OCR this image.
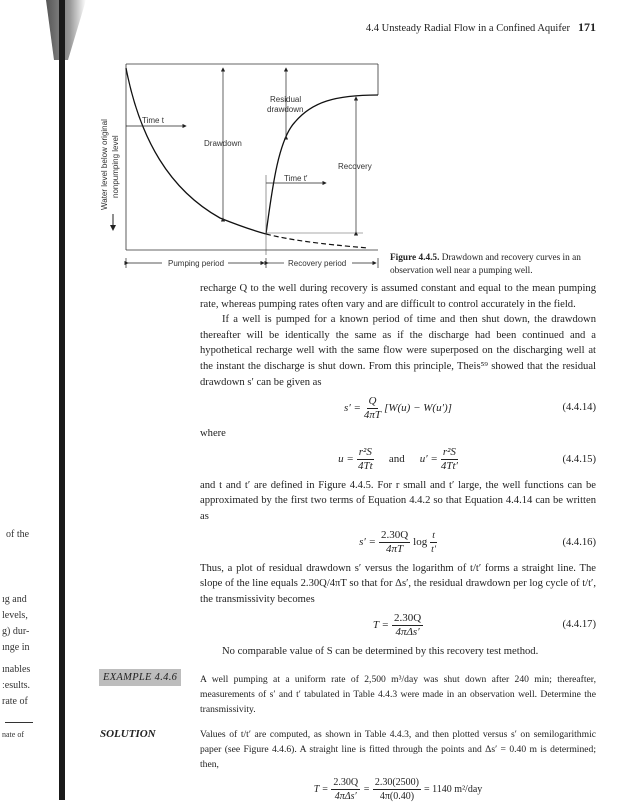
of the
ıg and
levels,
g) dur-
ınge in
ınables
ːesults.
rate of
nate of
4.4 Unsteady Radial Flow in a Confined Aquifer 171
Time t
Time t′
Drawdown
Residual
drawdown
Recovery
Water level below original nonpumping level
Pumping period	Recovery period
Figure 4.4.5. Drawdown and recovery curves in an
observation well near a pumping well.

recharge Q to the well during recovery is assumed constant and equal to the mean pumping rate, whereas pumping rates often vary and are difficult to control accurately in the field.

If a well is pumped for a known period of time and then shut down, the drawdown thereafter will be identically the same as if the discharge had been continued and a hypothetical recharge well with the same flow were superposed on the discharging well at the instant the discharge is shut down. From this principle, Theis⁵⁹ showed that the residual drawdown s′ can be given as

$s' = \frac{Q}{4\pi T} [W(u) - W(u')]$	(4.4.14)

where

$u = \frac{\text{r²S}}{4Tt}$ and $u' = \frac{\text{r²S}}{4Tt'}$	(4.4.15)

and t and t′ are defined in Figure 4.4.5. For r small and t′ large, the well functions can be approximated by the first two terms of Equation 4.4.2 so that Equation 4.4.14 can be written as

$s' = \frac{2.30Q}{4\pi T}$ $\log \frac{t}{t'}$	(4.4.16)

Thus, a plot of residual drawdown s′ versus the logarithm of t/t′ forms a straight line. The slope of the line equals 2.30Q/4πT so that for Δs′, the residual drawdown per log cycle of t/t′, the transmissivity becomes

$T = \frac{2.30Q}{\text{4πΔs′}}$	(4.4.17)

No comparable value of S can be determined by this recovery test method.

EXAMPLE 4.4.6	A well pumping at a uniform rate of 2,500 m³/day was shut down after 240 min; thereafter, measurements of s′ and t′ tabulated in Table 4.4.3 were made in an observation well. Determine the transmissivity.

SOLUTION	Values of t/t′ are computed, as shown in Table 4.4.3, and then plotted versus s′ on semilogarithmic paper (see Figure 4.4.6). A straight line is fitted through the points and Δs′ = 0.40 m is determined; then,

$T = \frac{2.30Q}{\text{4πΔs′}} = \frac{2.30(2500)}{4\pi(0.40)} = 1140$ m²/day
